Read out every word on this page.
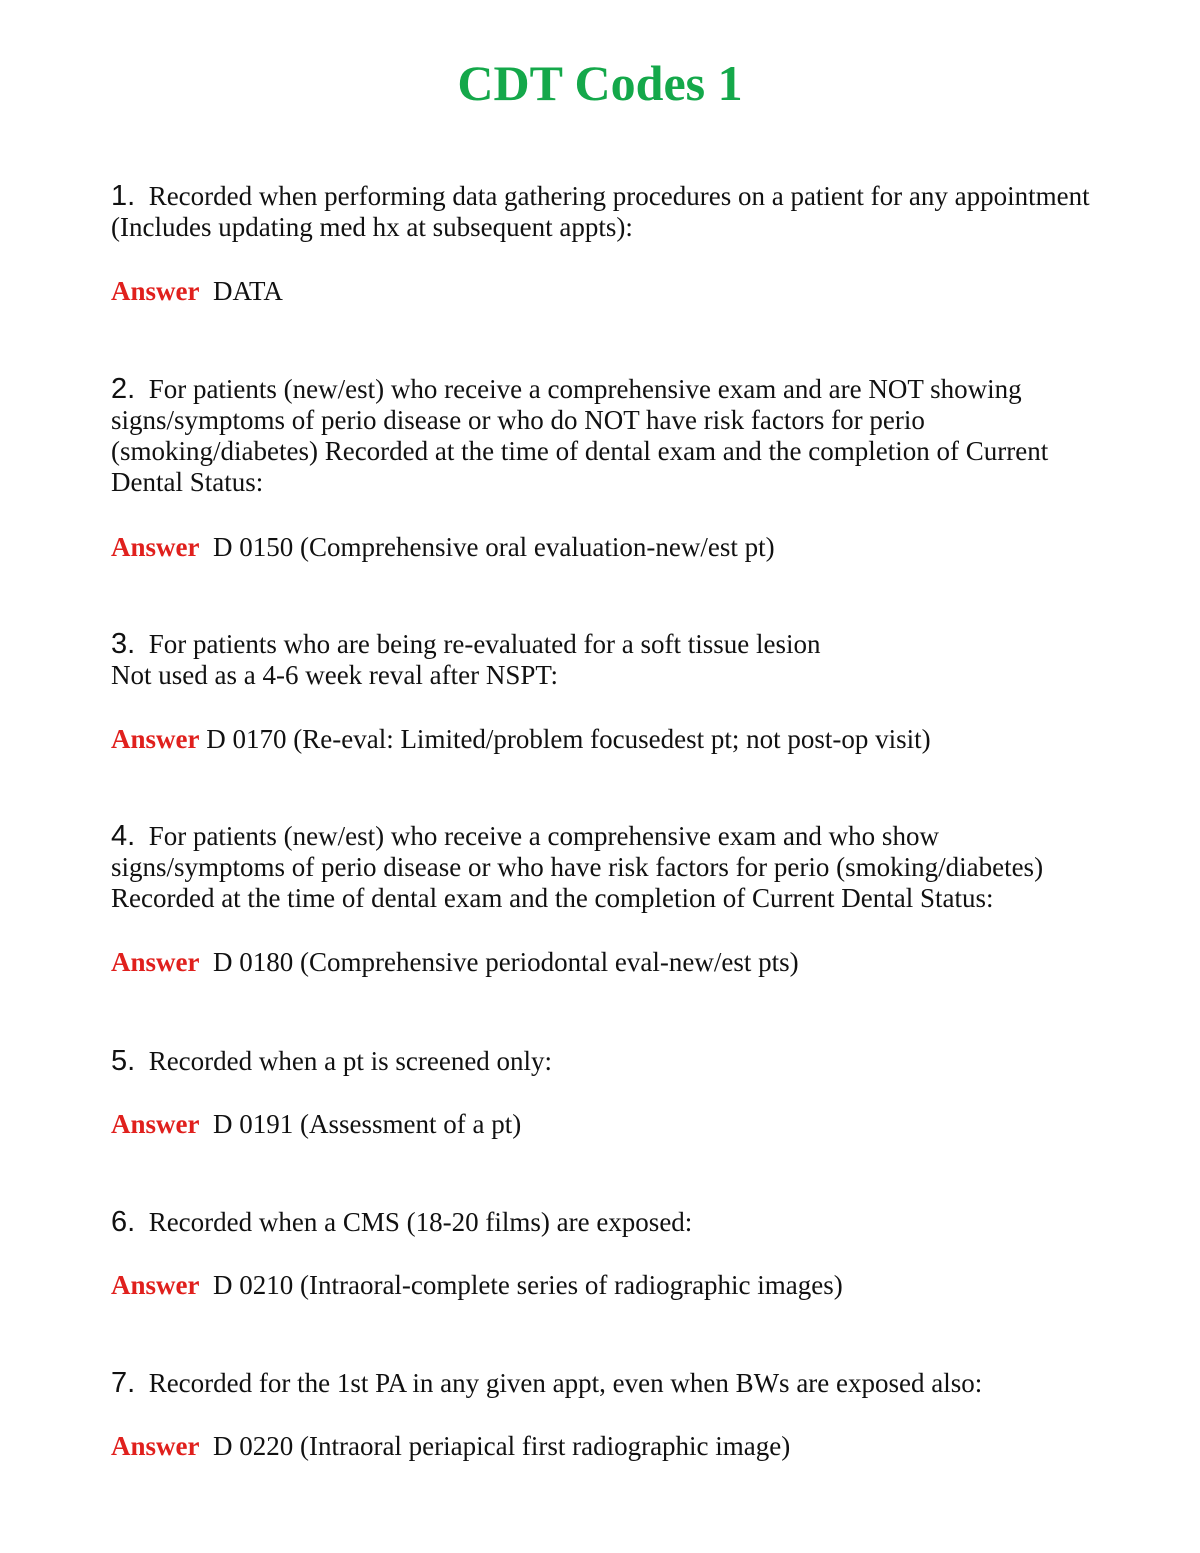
CDT Codes 1

1. Recorded when performing data gathering procedures on a patient for any appointment
(Includes updating med hx at subsequent appts):

Answer DATA

2. For patients (new/est) who receive a comprehensive exam and are NOT showing
signs/symptoms of perio disease or who do NOT have risk factors for perio
(smoking/diabetes) Recorded at the time of dental exam and the completion of Current
Dental Status:

Answer D 0150 (Comprehensive oral evaluation-new/est pt)

3. For patients who are being re-evaluated for a soft tissue lesion
Not used as a 4-6 week reval after NSPT:

Answer D 0170 (Re-eval: Limited/problem focusedest pt; not post-op visit)

4. For patients (new/est) who receive a comprehensive exam and who show
signs/symptoms of perio disease or who have risk factors for perio (smoking/diabetes)
Recorded at the time of dental exam and the completion of Current Dental Status:

Answer D 0180 (Comprehensive periodontal eval-new/est pts)

5. Recorded when a pt is screened only:

Answer D 0191 (Assessment of a pt)

6. Recorded when a CMS (18-20 films) are exposed:

Answer D 0210 (Intraoral-complete series of radiographic images)

7. Recorded for the 1st PA in any given appt, even when BWs are exposed also:

Answer D 0220 (Intraoral periapical first radiographic image)
